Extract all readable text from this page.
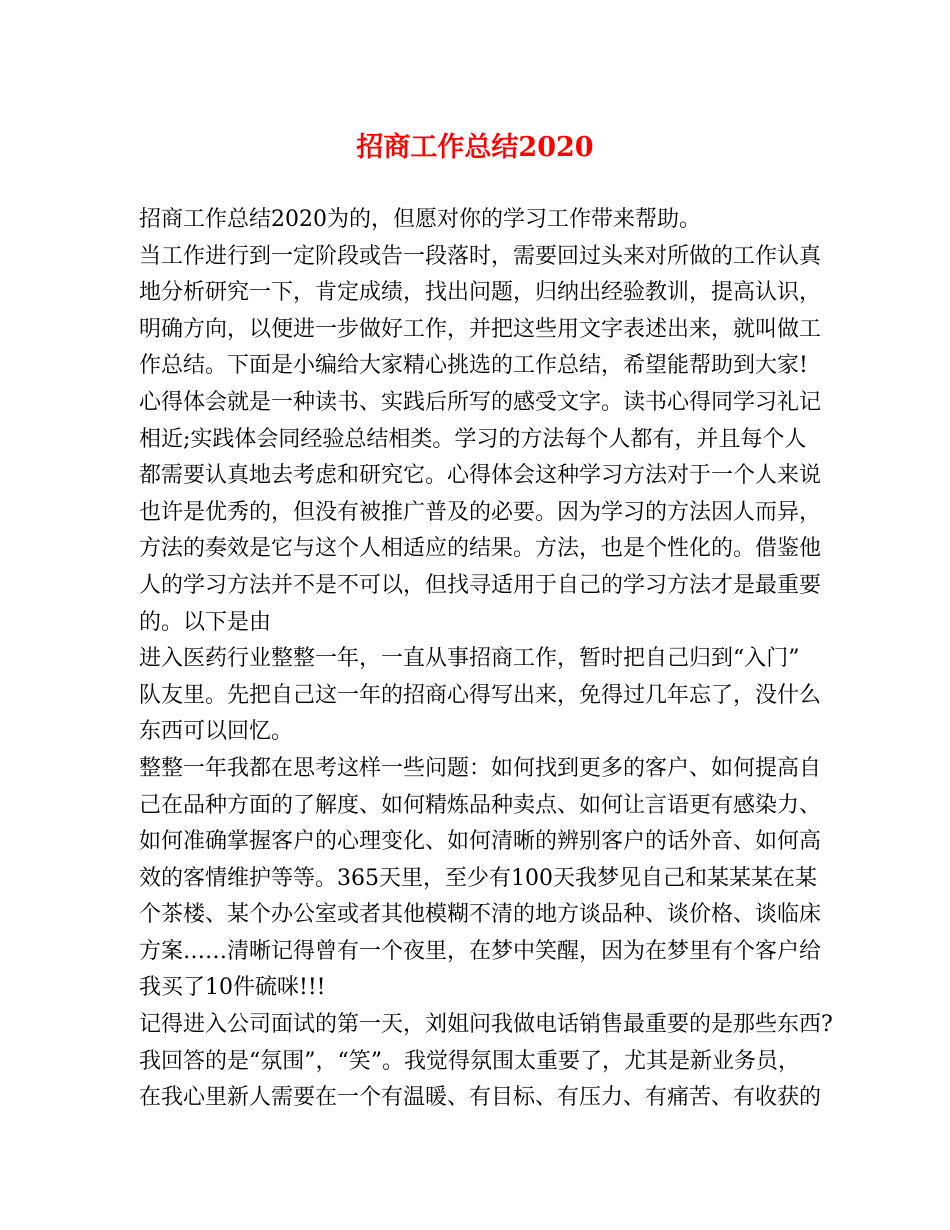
招商工作总结2020
招商工作总结2020为的，但愿对你的学习工作带来帮助。
当工作进行到一定阶段或告一段落时，需要回过头来对所做的工作认真
地分析研究一下，肯定成绩，找出问题，归纳出经验教训，提高认识，
明确方向，以便进一步做好工作，并把这些用文字表述出来，就叫做工
作总结。下面是小编给大家精心挑选的工作总结，希望能帮助到大家!
心得体会就是一种读书、实践后所写的感受文字。读书心得同学习礼记
相近;实践体会同经验总结相类。学习的方法每个人都有，并且每个人
都需要认真地去考虑和研究它。心得体会这种学习方法对于一个人来说
也许是优秀的，但没有被推广普及的必要。因为学习的方法因人而异，
方法的奏效是它与这个人相适应的结果。方法，也是个性化的。借鉴他
人的学习方法并不是不可以，但找寻适用于自己的学习方法才是最重要
的。以下是由
进入医药行业整整一年，一直从事招商工作，暂时把自己归到“入门”
队友里。先把自己这一年的招商心得写出来，免得过几年忘了，没什么
东西可以回忆。
整整一年我都在思考这样一些问题：如何找到更多的客户、如何提高自
己在品种方面的了解度、如何精炼品种卖点、如何让言语更有感染力、
如何准确掌握客户的心理变化、如何清晰的辨别客户的话外音、如何高
效的客情维护等等。365天里，至少有100天我梦见自己和某某某在某
个茶楼、某个办公室或者其他模糊不清的地方谈品种、谈价格、谈临床
方案……清晰记得曾有一个夜里，在梦中笑醒，因为在梦里有个客户给
我买了10件硫咪!!!
记得进入公司面试的第一天，刘姐问我做电话销售最重要的是那些东西?
我回答的是“氛围”，“笑”。我觉得氛围太重要了，尤其是新业务员，
在我心里新人需要在一个有温暖、有目标、有压力、有痛苦、有收获的
